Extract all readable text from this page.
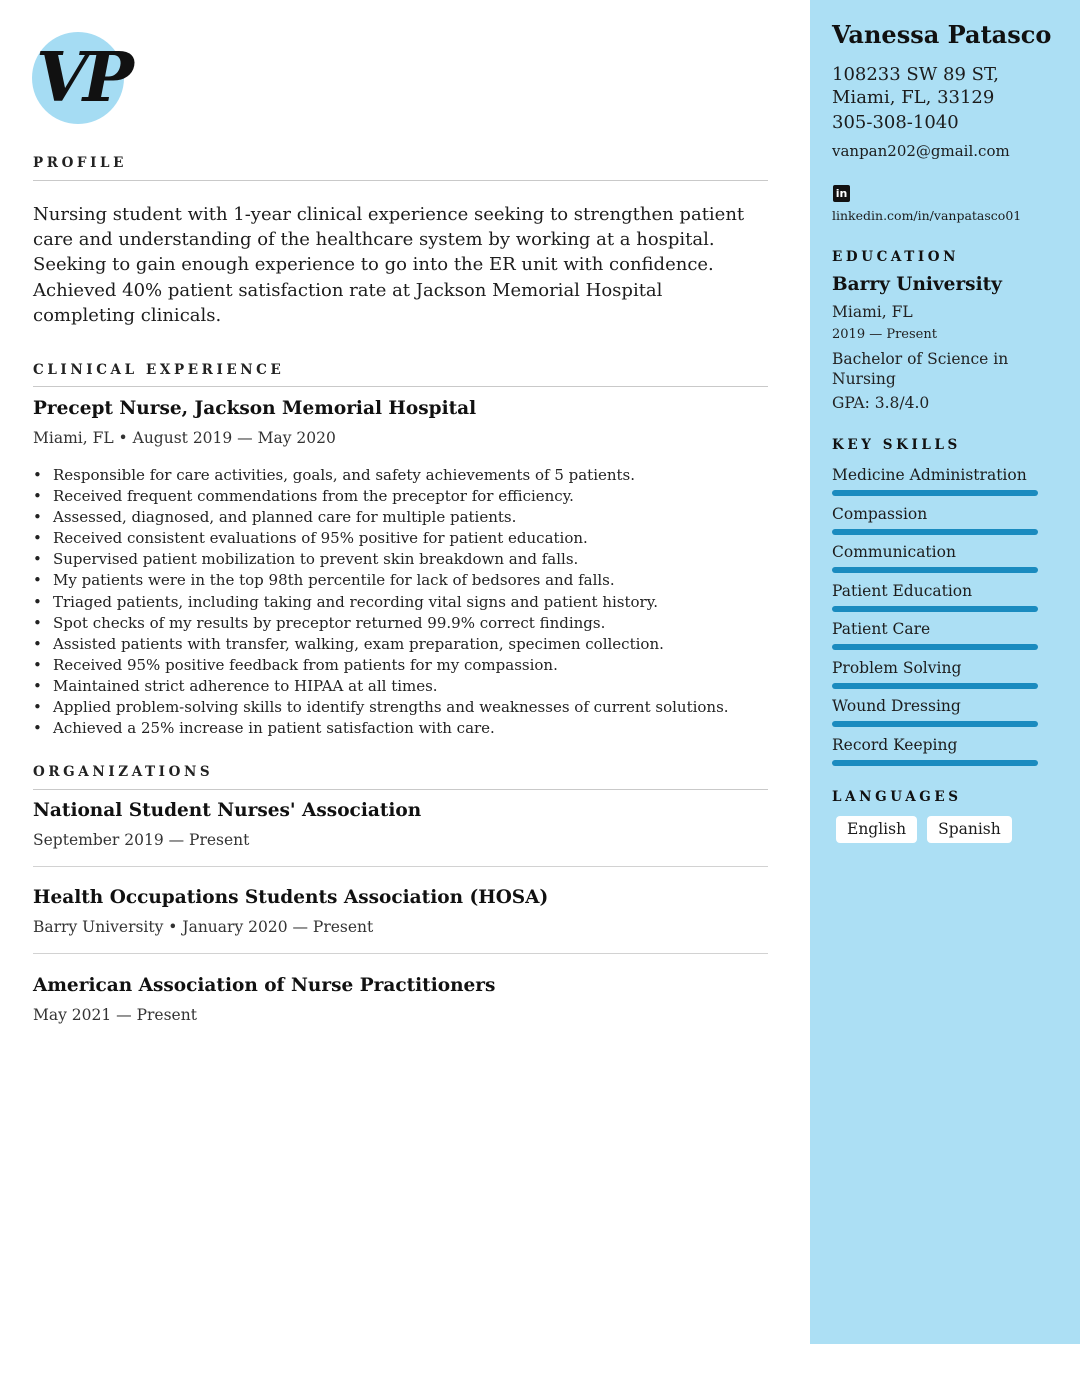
VP
PROFILE
Nursing student with 1-year clinical experience seeking to strengthen patient care and understanding of the healthcare system by working at a hospital. Seeking to gain enough experience to go into the ER unit with confidence. Achieved 40% patient satisfaction rate at Jackson Memorial Hospital completing clinicals.
CLINICAL EXPERIENCE
Precept Nurse, Jackson Memorial Hospital
Miami, FL • August 2019 — May 2020
• Responsible for care activities, goals, and safety achievements of 5 patients.
• Received frequent commendations from the preceptor for efficiency.
• Assessed, diagnosed, and planned care for multiple patients.
• Received consistent evaluations of 95% positive for patient education.
• Supervised patient mobilization to prevent skin breakdown and falls.
• My patients were in the top 98th percentile for lack of bedsores and falls.
• Triaged patients, including taking and recording vital signs and patient history.
• Spot checks of my results by preceptor returned 99.9% correct findings.
• Assisted patients with transfer, walking, exam preparation, specimen collection.
• Received 95% positive feedback from patients for my compassion.
• Maintained strict adherence to HIPAA at all times.
• Applied problem-solving skills to identify strengths and weaknesses of current solutions.
• Achieved a 25% increase in patient satisfaction with care.
ORGANIZATIONS
National Student Nurses' Association
September 2019 — Present
Health Occupations Students Association (HOSA)
Barry University • January 2020 — Present
American Association of Nurse Practitioners
May 2021 — Present
Vanessa Patasco
108233 SW 89 ST,
Miami, FL, 33129
305-308-1040
vanpan202@gmail.com
in
linkedin.com/in/vanpatasco01
EDUCATION
Barry University
Miami, FL
2019 — Present
Bachelor of Science in Nursing
GPA: 3.8/4.0
KEY SKILLS
Medicine Administration
Compassion
Communication
Patient Education
Patient Care
Problem Solving
Wound Dressing
Record Keeping
LANGUAGES
English	Spanish
